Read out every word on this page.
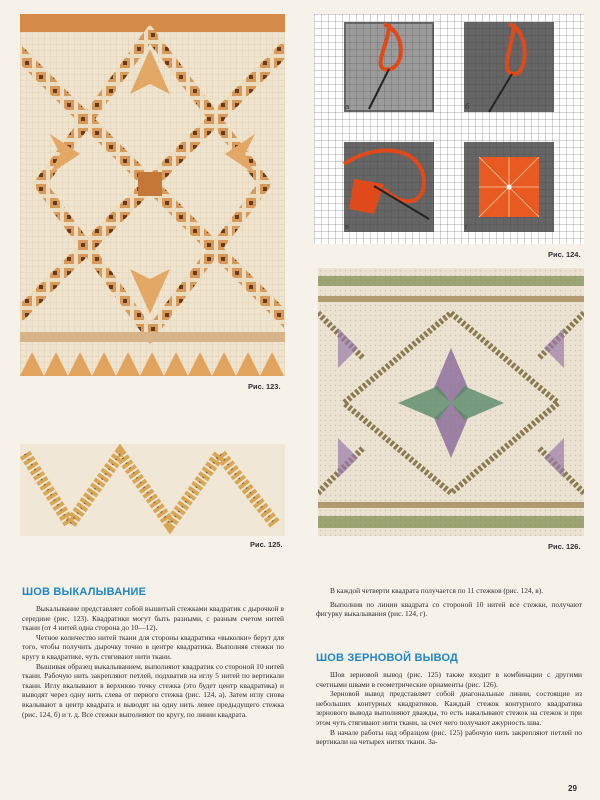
Рис. 123.
Рис. 125.
а	б
в	г
Рис. 124.
Рис. 126.
ШОВ ВЫКАЛЫВАНИЕ

Выкалывание представляет собой вышитый стежками квадратик с дырочкой в середине (рис. 123). Квадратики могут быть разными, с разным счетом нитей ткани (от 4 нитей одна сторона до 10—12).

Четное количество нитей ткани для стороны квадратика «выколки» берут для того, чтобы получить дырочку точно в центре квадратика. Выполняя стежки по кругу в квадратике, чуть стягивают нити ткани.

Вышивая образец выкалыванием, выполняют квадратик со стороной 10 нитей ткани. Рабочую нить закрепляют петлей, подхватив на иглу 5 нитей по вертикали ткани. Иглу вкалывают в верхнюю точку стежка (это будет центр квадратика) и выводят через одну нить слева от первого стежка (рис. 124, а). Затем иглу снова вкалывают в центр квадрата и выводят на одну нить левее предыдущего стежка (рис. 124, б) и т. д. Все стежки выполняют по кругу, по линии квадрата.

В каждой четверти квадрата получается по 11 стежков (рис. 124, в).

Выполнив по линии квадрата со стороной 10 нитей все стежки, получают фигурку выкалывания (рис. 124, г).

ШОВ ЗЕРНОВОЙ ВЫВОД

Шов зерновой вывод (рис. 125) также входит в комбинации с другими счетными швами в геометрические орнаменты (рис. 126).

Зерновой вывод представляет собой диагональные линии, состоящие из небольших контурных квадратиков. Каждый стежок контурного квадратика зернового вывода выполняют дважды, то есть накалывают стежок на стежок и при этом чуть стягивают нити ткани, за счет чего получают ажурность шва.

В начале работы над образцом (рис. 125) рабочую нить закрепляют петлей по вертикали на четырех нитях ткани. За-

29
